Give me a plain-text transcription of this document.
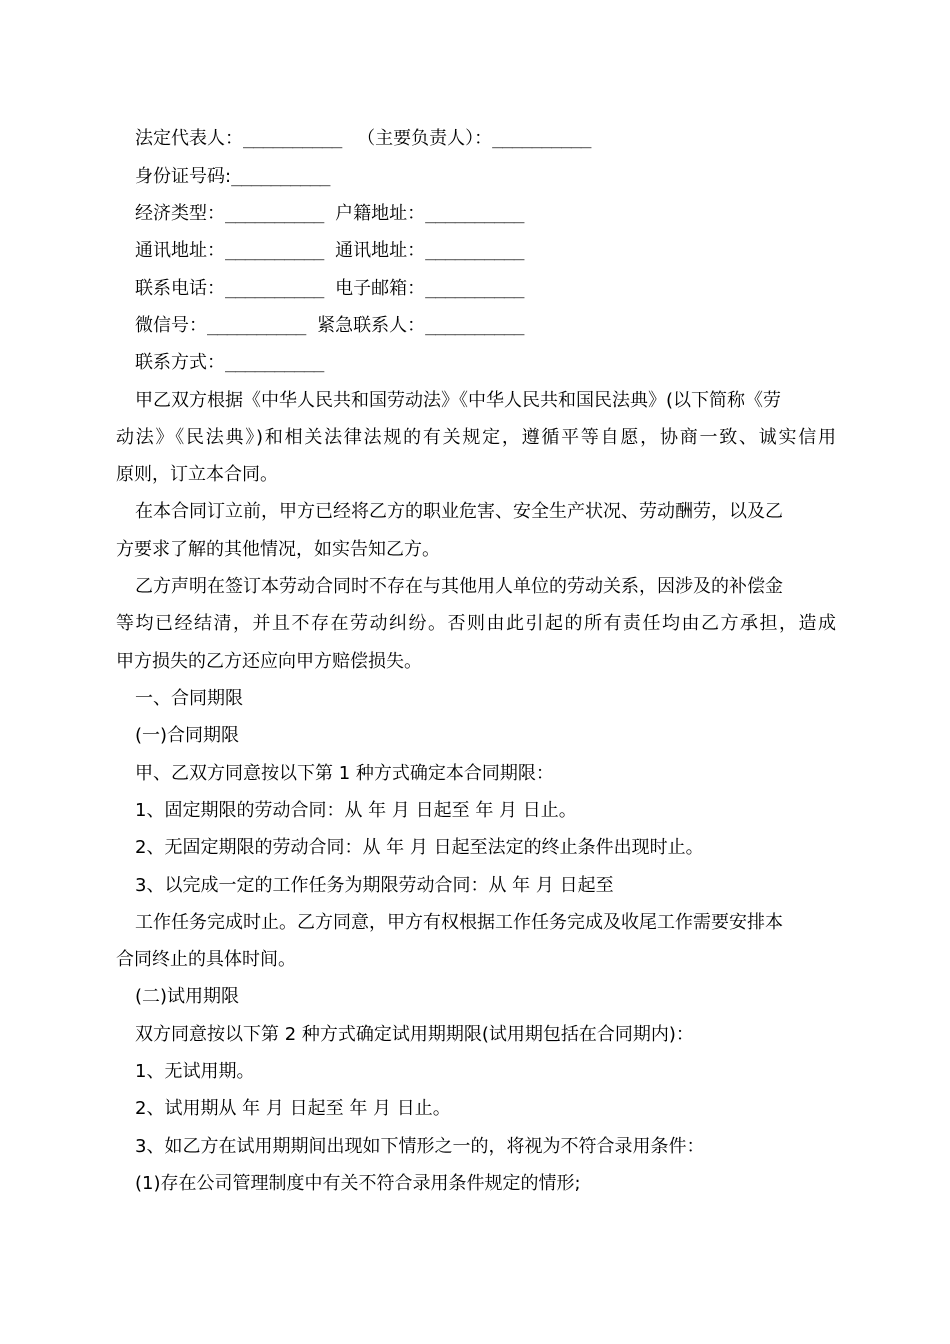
法定代表人：__________ （主要负责人）：__________
身份证号码:__________
经济类型：__________ 户籍地址：__________
通讯地址：__________ 通讯地址：__________
联系电话：__________ 电子邮箱：__________
微信号：__________ 紧急联系人：__________
联系方式：__________
甲乙双方根据《中华人民共和国劳动法》《中华人民共和国民法典》(以下简称《劳
动法》《民法典》)和相关法律法规的有关规定，遵循平等自愿，协商一致、诚实信用
原则，订立本合同。
在本合同订立前，甲方已经将乙方的职业危害、安全生产状况、劳动酬劳，以及乙
方要求了解的其他情况，如实告知乙方。
乙方声明在签订本劳动合同时不存在与其他用人单位的劳动关系，因涉及的补偿金
等均已经结清，并且不存在劳动纠纷。否则由此引起的所有责任均由乙方承担，造成
甲方损失的乙方还应向甲方赔偿损失。
一、合同期限
(一)合同期限
甲、乙双方同意按以下第 1 种方式确定本合同期限：
1、固定期限的劳动合同：从 年 月 日起至 年 月 日止。
2、无固定期限的劳动合同：从 年 月 日起至法定的终止条件出现时止。
3、以完成一定的工作任务为期限劳动合同：从 年 月 日起至
工作任务完成时止。乙方同意，甲方有权根据工作任务完成及收尾工作需要安排本
合同终止的具体时间。
(二)试用期限
双方同意按以下第 2 种方式确定试用期期限(试用期包括在合同期内)：
1、无试用期。
2、试用期从 年 月 日起至 年 月 日止。
3、如乙方在试用期期间出现如下情形之一的，将视为不符合录用条件：
(1)存在公司管理制度中有关不符合录用条件规定的情形;
